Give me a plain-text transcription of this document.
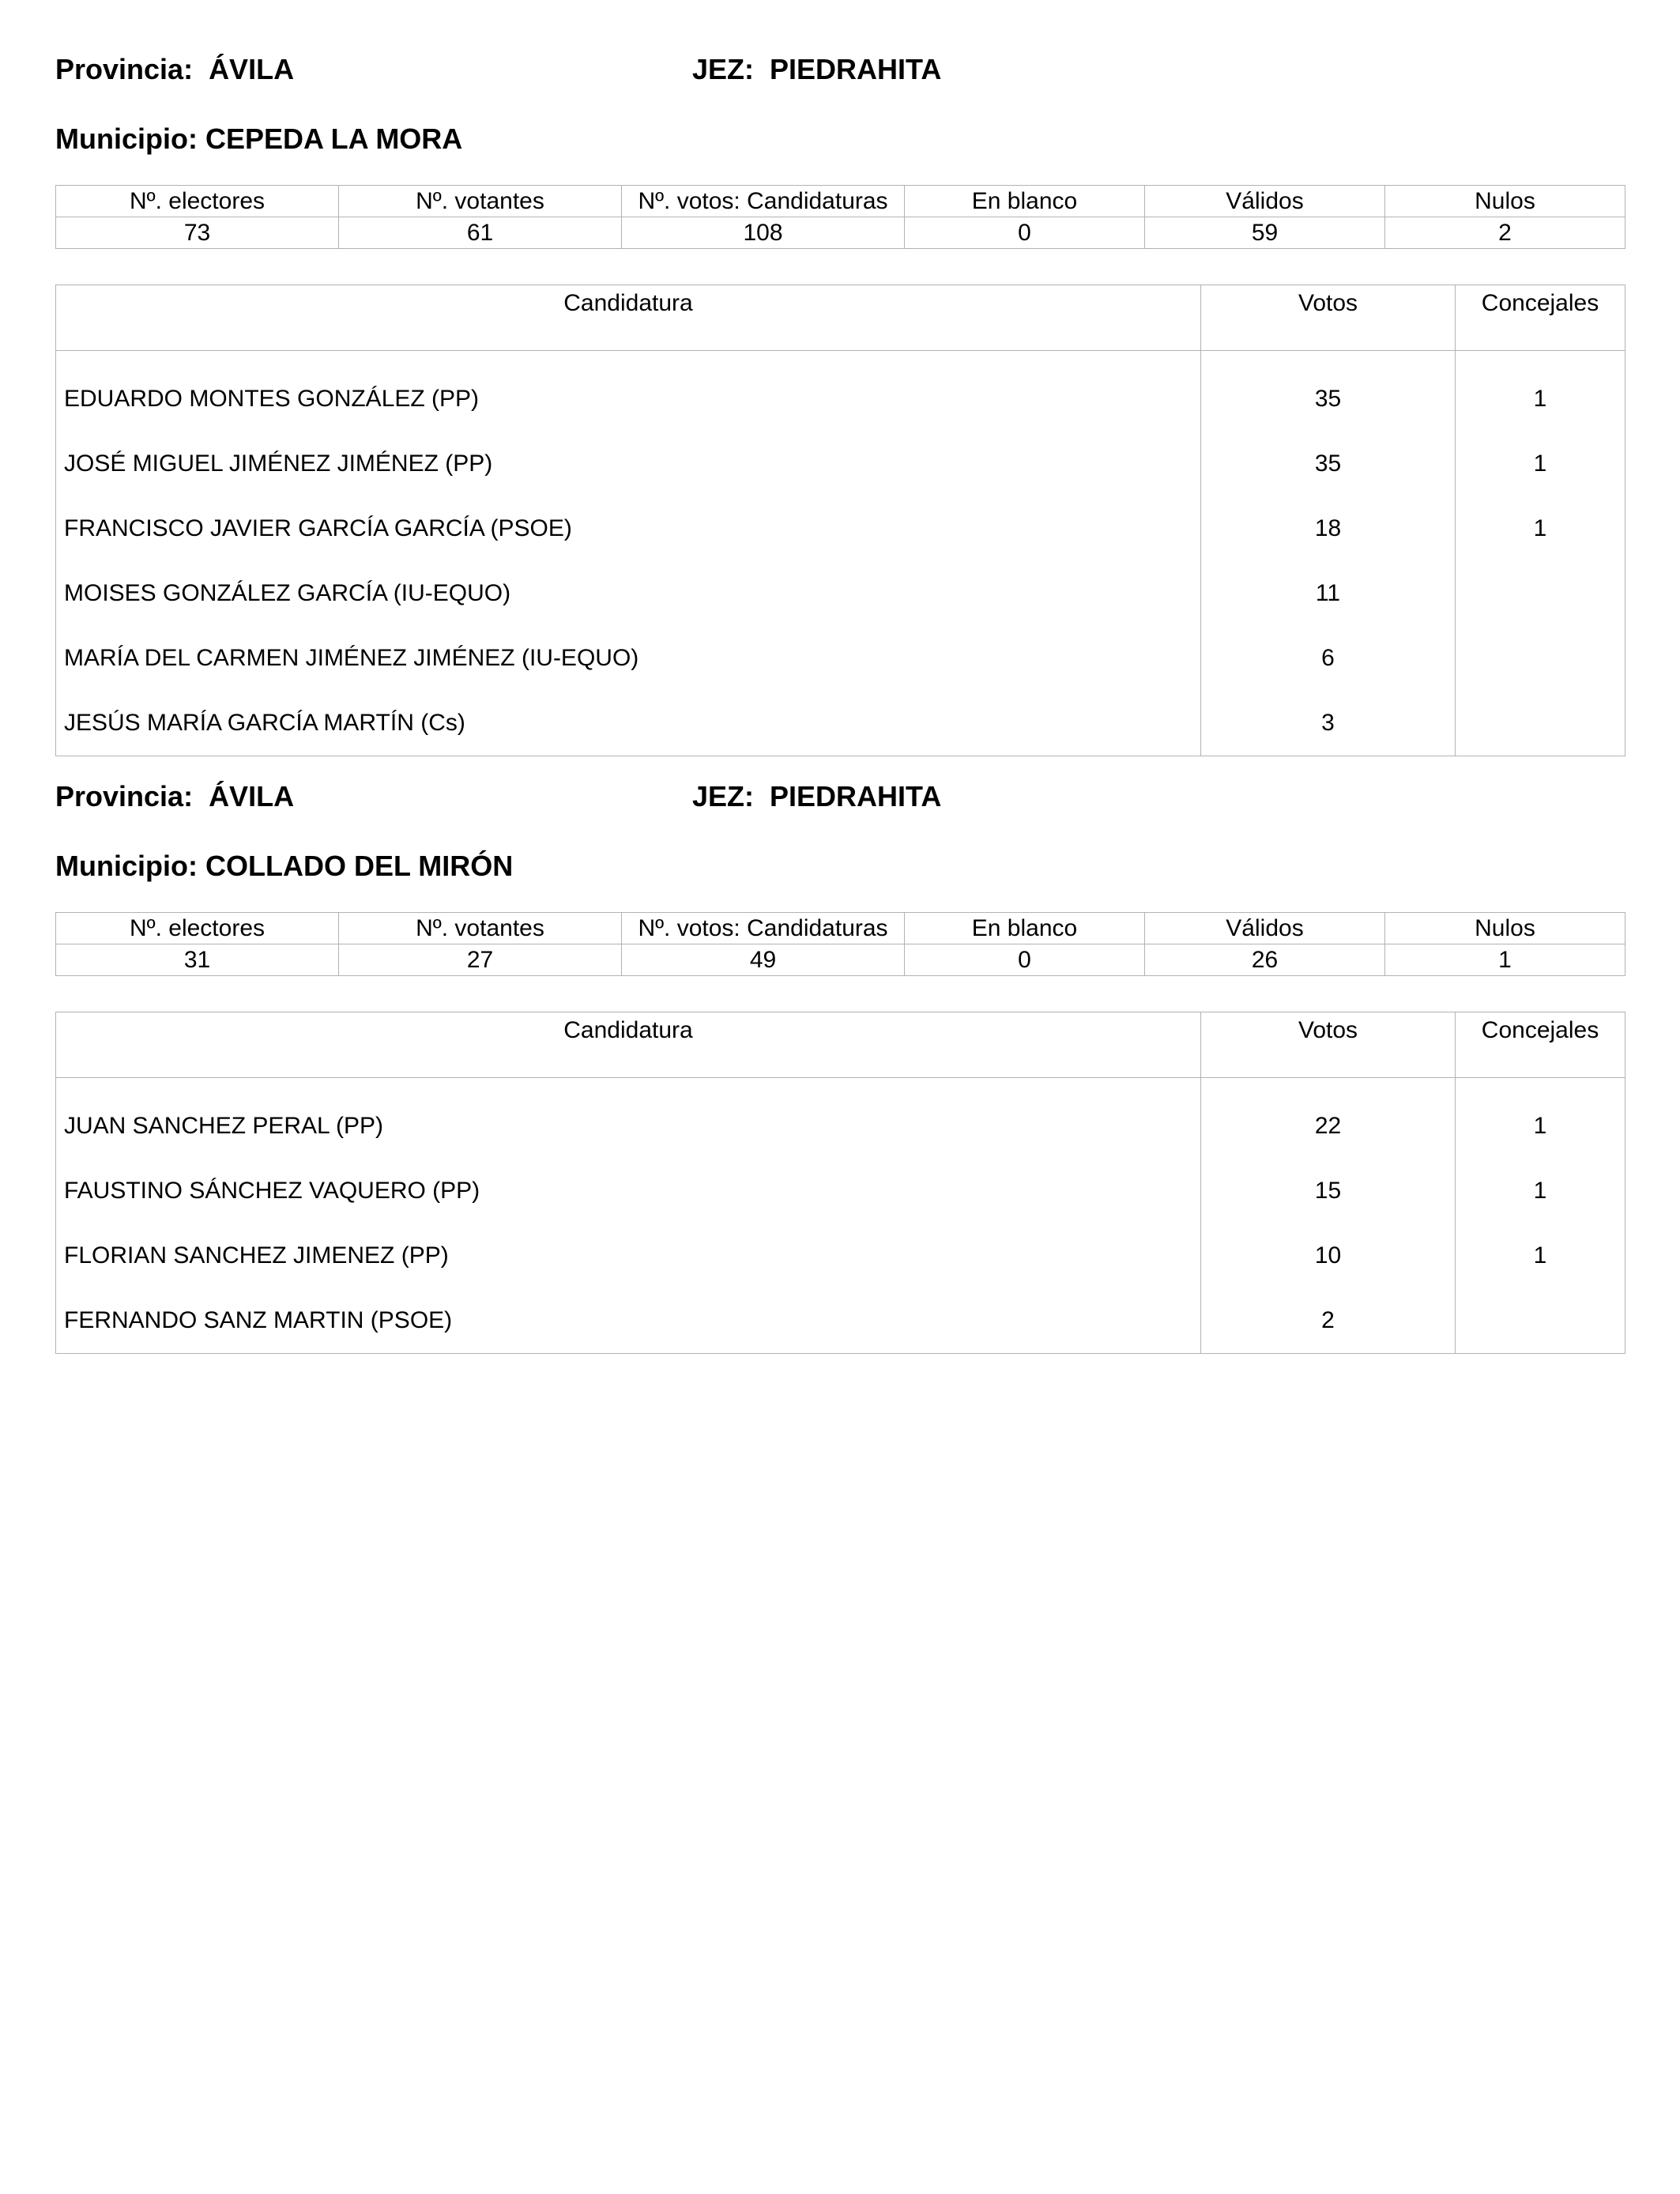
Provincia: ÁVILA	JEZ: PIEDRAHITA
Municipio: CEPEDA LA MORA
Nº. electores	Nº. votantes	Nº. votos: Candidaturas	En blanco	Válidos	Nulos
73	61	108	0	59	2
Candidatura	Votos	Concejales

EDUARDO MONTES GONZÁLEZ (PP)	35	1
JOSÉ MIGUEL JIMÉNEZ JIMÉNEZ (PP)	35	1
FRANCISCO JAVIER GARCÍA GARCÍA (PSOE)	18	1
MOISES GONZÁLEZ GARCÍA (IU-EQUO)	11	
MARÍA DEL CARMEN JIMÉNEZ JIMÉNEZ (IU-EQUO)	6	
JESÚS MARÍA GARCÍA MARTÍN (Cs)	3	
Provincia: ÁVILA	JEZ: PIEDRAHITA
Municipio: COLLADO DEL MIRÓN
Nº. electores	Nº. votantes	Nº. votos: Candidaturas	En blanco	Válidos	Nulos
31	27	49	0	26	1
Candidatura	Votos	Concejales

JUAN SANCHEZ PERAL (PP)	22	1
FAUSTINO SÁNCHEZ VAQUERO (PP)	15	1
FLORIAN SANCHEZ JIMENEZ (PP)	10	1
FERNANDO SANZ MARTIN (PSOE)	2	
